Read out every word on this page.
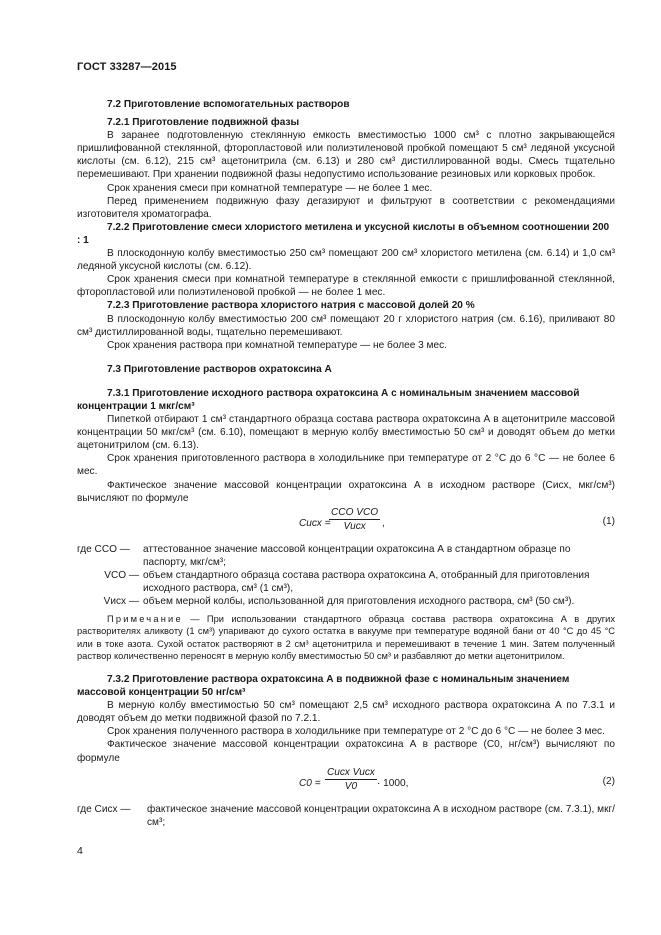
ГОСТ 33287—2015

7.2 Приготовление вспомогательных растворов

7.2.1 Приготовление подвижной фазы

В заранее подготовленную стеклянную емкость вместимостью 1000 см³ с плотно закрывающейся пришлифованной стеклянной, фторопластовой или полиэтиленовой пробкой помещают 5 см³ ледяной уксусной кислоты (см. 6.12), 215 см³ ацетонитрила (см. 6.13) и 280 см³ дистиллированной воды. Смесь тщательно перемешивают. При хранении подвижной фазы недопустимо использование резиновых или корковых пробок.

Срок хранения смеси при комнатной температуре — не более 1 мес.

Перед применением подвижную фазу дегазируют и фильтруют в соответствии с рекомендациями изготовителя хроматографа.

7.2.2 Приготовление смеси хлористого метилена и уксусной кислоты в объемном соотношении 200 : 1

В плоскодонную колбу вместимостью 250 см³ помещают 200 см³ хлористого метилена (см. 6.14) и 1,0 см³ ледяной уксусной кислоты (см. 6.12).

Срок хранения смеси при комнатной температуре в стеклянной емкости с пришлифованной стеклянной, фторопластовой или полиэтиленовой пробкой — не более 1 мес.

7.2.3 Приготовление раствора хлористого натрия с массовой долей 20 %

В плоскодонную колбу вместимостью 200 см³ помещают 20 г хлористого натрия (см. 6.16), приливают 80 см³ дистиллированной воды, тщательно перемешивают.

Срок хранения раствора при комнатной температуре — не более 3 мес.

7.3 Приготовление растворов охратоксина А

7.3.1 Приготовление исходного раствора охратоксина А с номинальным значением массовой концентрации 1 мкг/см³

Пипеткой отбирают 1 см³ стандартного образца состава раствора охратоксина А в ацетонитриле массовой концентрации 50 мкг/см³ (см. 6.10), помещают в мерную колбу вместимостью 50 см³ и доводят объем до метки ацетонитрилом (см. 6.13).

Срок хранения приготовленного раствора в холодильнике при температуре от 2 °С до 6 °С — не более 6 мес.

Фактическое значение массовой концентрации охратоксина А в исходном растворе (Сисх, мкг/см³) вычисляют по формуле

Cисх =
CCO VCO
Vисх	,	(1)
где CCO —	аттестованное значение массовой концентрации охратоксина А в стандартном образце по паспорту, мкг/см³;
VCO — объем стандартного образца состава раствора охратоксина А, отобранный для приготовления исходного раствора, см³ (1 см³),
Vисх — объем мерной колбы, использованной для приготовления исходного раствора, см³ (50 см³).

Примечание — При использовании стандартного образца состава раствора охратоксина А в других растворителях аликвоту (1 см³) упаривают до сухого остатка в вакууме при температуре водяной бани от 40 °С до 45 °С или в токе азота. Сухой остаток растворяют в 2 см³ ацетонитрила и перемешивают в течение 1 мин. Затем полученный раствор количественно переносят в мерную колбу вместимостью 50 см³ и разбавляют до метки ацетонитрилом.

7.3.2 Приготовление раствора охратоксина А в подвижной фазе с номинальным значением массовой концентрации 50 нг/см³

В мерную колбу вместимостью 50 см³ помещают 2,5 см³ исходного раствора охратоксина А по 7.3.1 и доводят объем до метки подвижной фазой по 7.2.1.

Срок хранения полученного раствора в холодильнике при температуре от 2 °С до 6 °С — не более 3 мес.

Фактическое значение массовой концентрации охратоксина А в растворе (С0, нг/см³) вычисляют по формуле

C0 =
Cисх Vисх
V0	· 1000,	(2)
где Cисх —	фактическое значение массовой концентрации охратоксина А в исходном растворе (см. 7.3.1), мкг/см³;
4
